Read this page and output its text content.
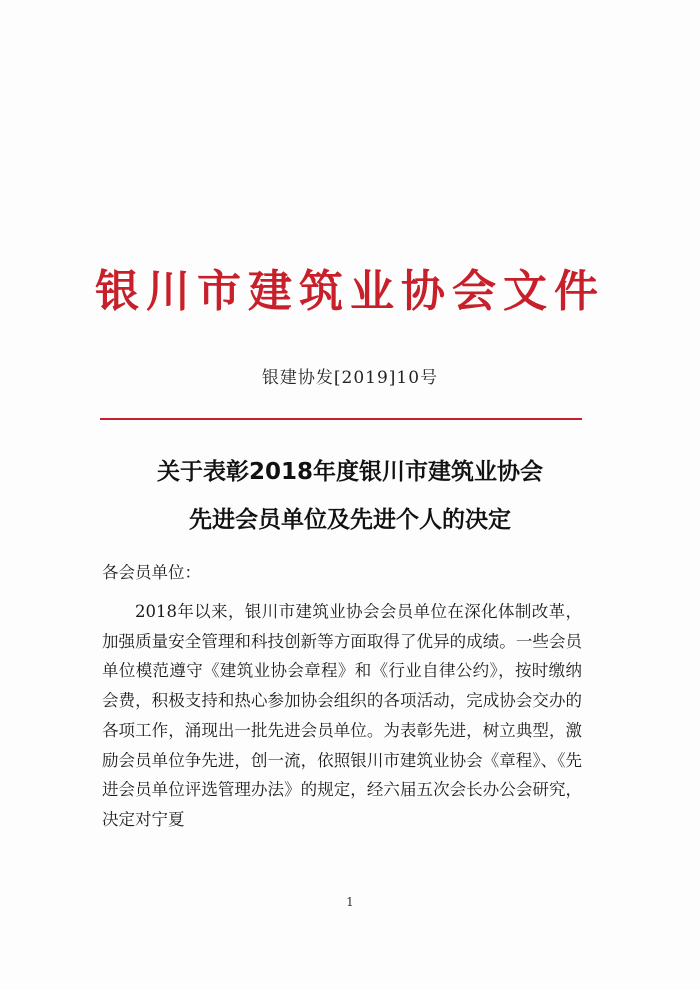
银川市建筑业协会文件
银建协发[2019]10号
关于表彰2018年度银川市建筑业协会
先进会员单位及先进个人的决定
各会员单位：
2018年以来，银川市建筑业协会会员单位在深化体制改革，加强质量安全管理和科技创新等方面取得了优异的成绩。一些会员单位模范遵守《建筑业协会章程》和《行业自律公约》，按时缴纳会费，积极支持和热心参加协会组织的各项活动，完成协会交办的各项工作，涌现出一批先进会员单位。为表彰先进，树立典型，激励会员单位争先进，创一流，依照银川市建筑业协会《章程》、《先进会员单位评选管理办法》的规定，经六届五次会长办公会研究，决定对宁夏
1
